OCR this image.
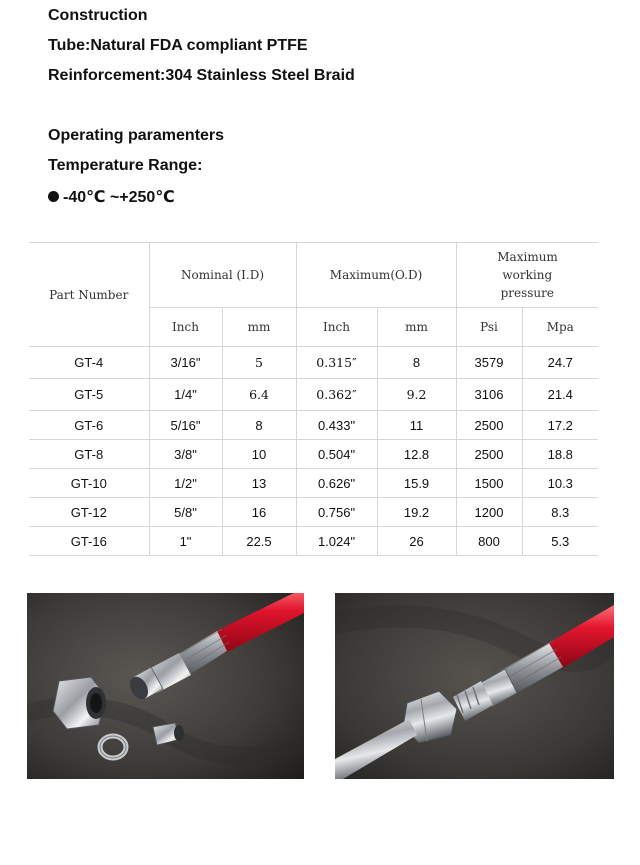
Construction
Tube:Natural FDA compliant PTFE
Reinforcement:304 Stainless Steel Braid
Operating paramenters
Temperature Range:
-40℃ ~+250℃
Part Number	Nominal (I.D)		Maximum(O.D)		Maximum working pressure	

	Inch	mm	Inch	mm	Psi	Mpa
GT-4	3/16"	5	0.315″	8	3579	24.7
GT-5	1/4"	6.4	0.362″	9.2	3106	21.4
GT-6	5/16"	8	0.433"	11	2500	17.2
GT-8	3/8"	10	0.504"	12.8	2500	18.8
GT-10	1/2"	13	0.626"	15.9	1500	10.3
GT-12	5/8"	16	0.756"	19.2	1200	8.3
GT-16	1"	22.5	1.024"	26	800	5.3
